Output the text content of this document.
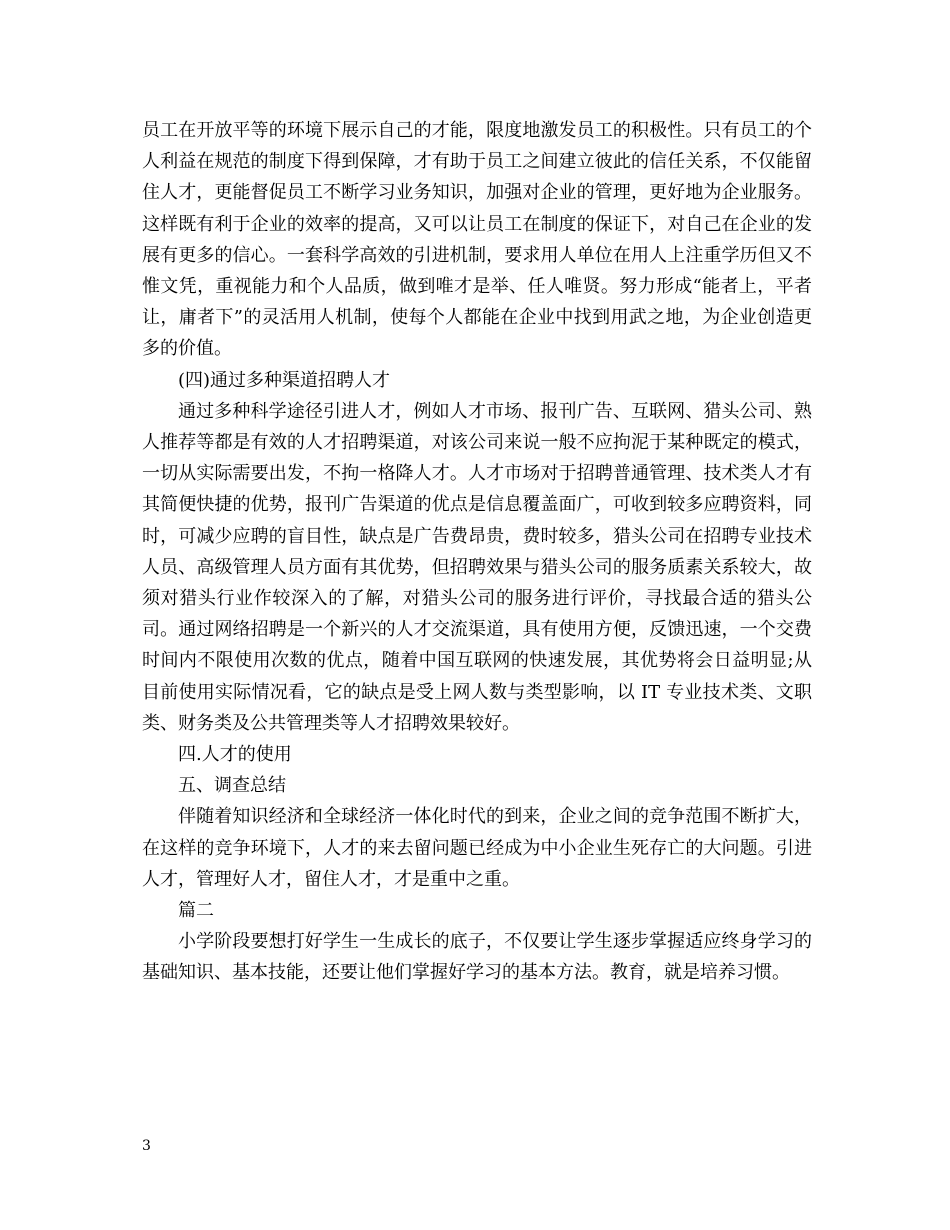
员工在开放平等的环境下展示自己的才能，限度地激发员工的积极性。只有员工的个人利益在规范的制度下得到保障，才有助于员工之间建立彼此的信任关系，不仅能留住人才，更能督促员工不断学习业务知识，加强对企业的管理，更好地为企业服务。这样既有利于企业的效率的提高，又可以让员工在制度的保证下，对自己在企业的发展有更多的信心。一套科学高效的引进机制，要求用人单位在用人上注重学历但又不惟文凭，重视能力和个人品质，做到唯才是举、任人唯贤。努力形成“能者上，平者让，庸者下”的灵活用人机制，使每个人都能在企业中找到用武之地，为企业创造更多的价值。

(四)通过多种渠道招聘人才

通过多种科学途径引进人才，例如人才市场、报刊广告、互联网、猎头公司、熟人推荐等都是有效的人才招聘渠道，对该公司来说一般不应拘泥于某种既定的模式，一切从实际需要出发，不拘一格降人才。人才市场对于招聘普通管理、技术类人才有其简便快捷的优势，报刊广告渠道的优点是信息覆盖面广，可收到较多应聘资料，同时，可减少应聘的盲目性，缺点是广告费昂贵，费时较多，猎头公司在招聘专业技术人员、高级管理人员方面有其优势，但招聘效果与猎头公司的服务质素关系较大，故须对猎头行业作较深入的了解，对猎头公司的服务进行评价，寻找最合适的猎头公司。通过网络招聘是一个新兴的人才交流渠道，具有使用方便，反馈迅速，一个交费时间内不限使用次数的优点，随着中国互联网的快速发展，其优势将会日益明显;从目前使用实际情况看，它的缺点是受上网人数与类型影响，以 IT 专业技术类、文职类、财务类及公共管理类等人才招聘效果较好。

四.人才的使用

五、调查总结

伴随着知识经济和全球经济一体化时代的到来，企业之间的竞争范围不断扩大，在这样的竞争环境下，人才的来去留问题已经成为中小企业生死存亡的大问题。引进人才，管理好人才，留住人才，才是重中之重。

篇二

小学阶段要想打好学生一生成长的底子，不仅要让学生逐步掌握适应终身学习的基础知识、基本技能，还要让他们掌握好学习的基本方法。教育，就是培养习惯。

3
